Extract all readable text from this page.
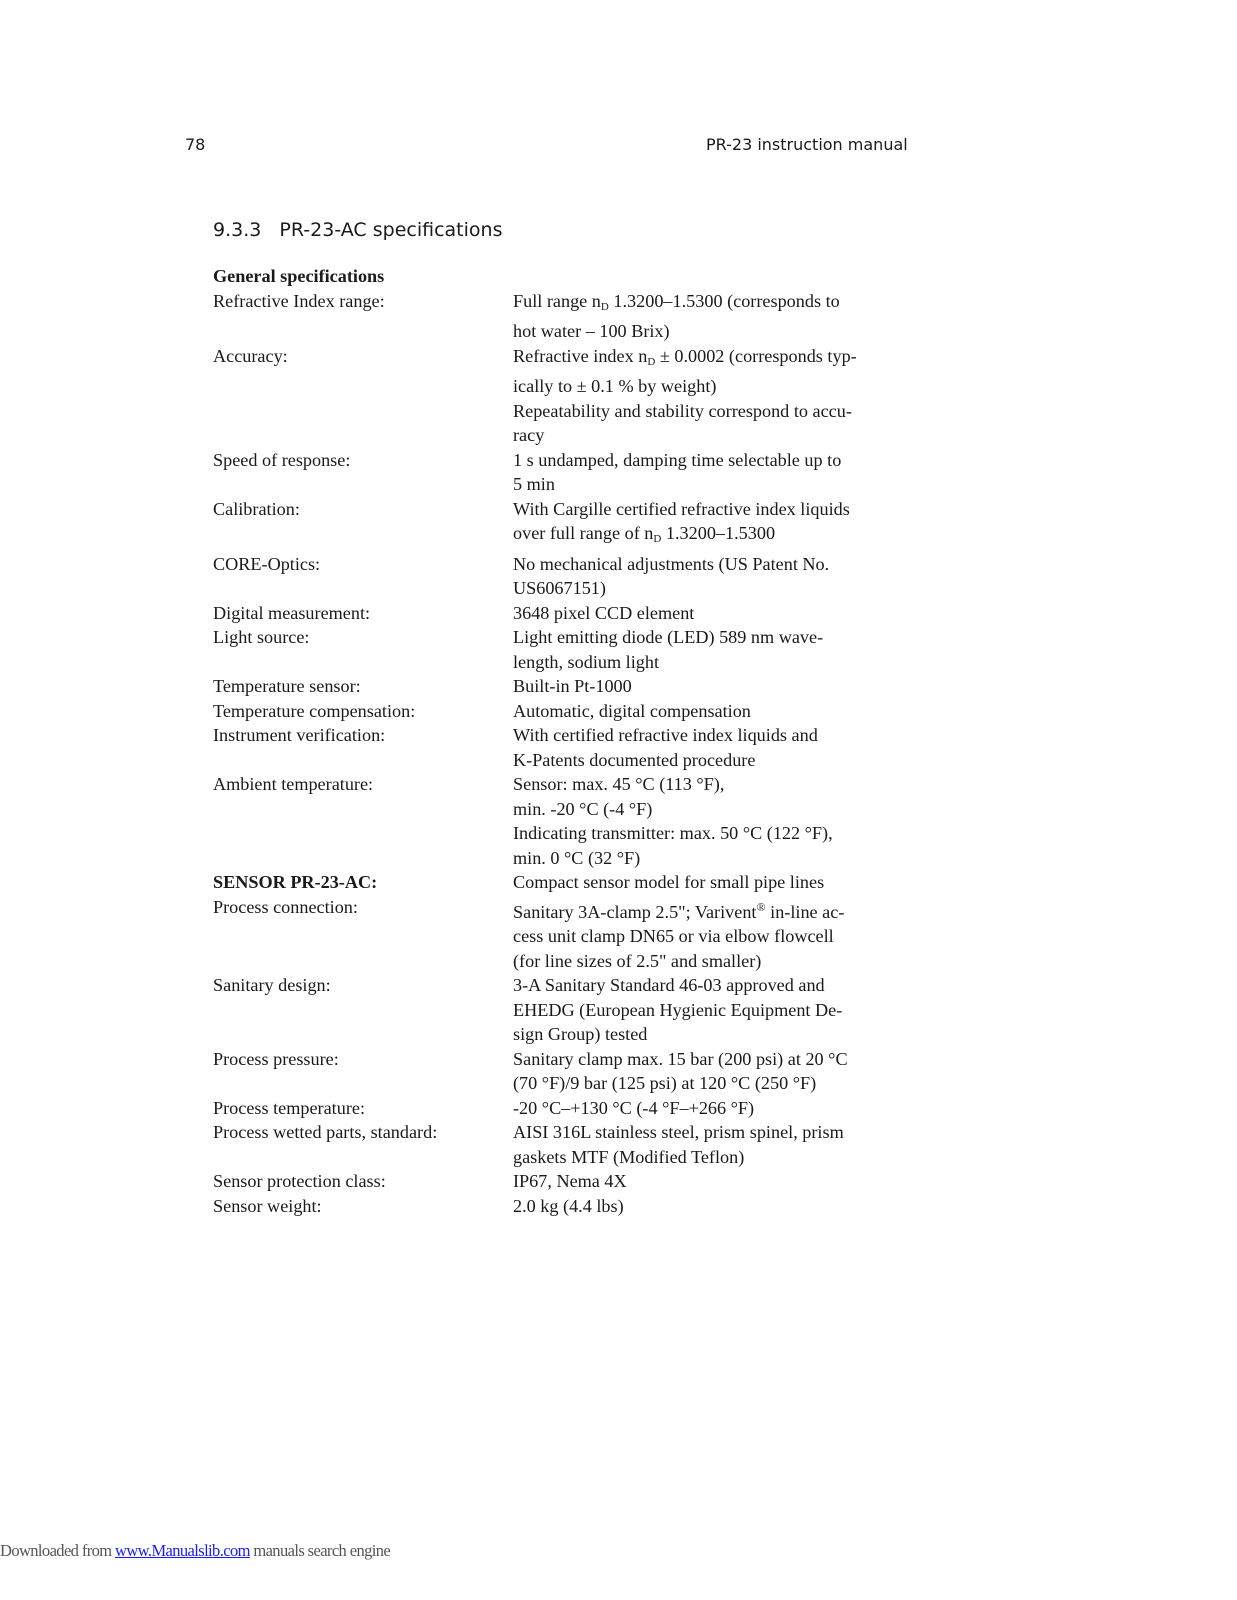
78	PR-23 instruction manual
9.3.3 PR-23-AC specifications
General specifications
Refractive Index range:	Full range $n_D$ 1.3200–1.5300 (corresponds to
hot water – 100 Brix)
Accuracy:	Refractive index $n_D \pm 0.0002$ (corresponds typ-
ically to ± 0.1 % by weight)
Repeatability and stability correspond to accu-
racy
Speed of response:	1 s undamped, damping time selectable up to
5 min
Calibration:	With Cargille certified refractive index liquids
over full range of $n_D$ 1.3200–1.5300
CORE-Optics:	No mechanical adjustments (US Patent No.
US6067151)
Digital measurement:	3648 pixel CCD element
Light source:	Light emitting diode (LED) 589 nm wave-
length, sodium light
Temperature sensor:	Built-in Pt-1000
Temperature compensation:	Automatic, digital compensation
Instrument verification:	With certified refractive index liquids and
K-Patents documented procedure
Ambient temperature:	Sensor: max. 45 °C (113 °F),
min. -20 °C (-4 °F)
Indicating transmitter: max. 50 °C (122 °F),
min. 0 °C (32 °F)
SENSOR PR-23-AC:	Compact sensor model for small pipe lines
Process connection:	Sanitary 3A-clamp 2.5"; Varivent® in-line ac-
cess unit clamp DN65 or via elbow flowcell
(for line sizes of 2.5" and smaller)
Sanitary design:	3-A Sanitary Standard 46-03 approved and
EHEDG (European Hygienic Equipment De-
sign Group) tested
Process pressure:	Sanitary clamp max. 15 bar (200 psi) at 20 °C
(70 °F)/9 bar (125 psi) at 120 °C (250 °F)
Process temperature:	-20 °C–+130 °C (-4 °F–+266 °F)
Process wetted parts, standard:	AISI 316L stainless steel, prism spinel, prism
gaskets MTF (Modified Teflon)
Sensor protection class:	IP67, Nema 4X
Sensor weight:	2.0 kg (4.4 lbs)
Downloaded from www.Manualslib.com manuals search engine
